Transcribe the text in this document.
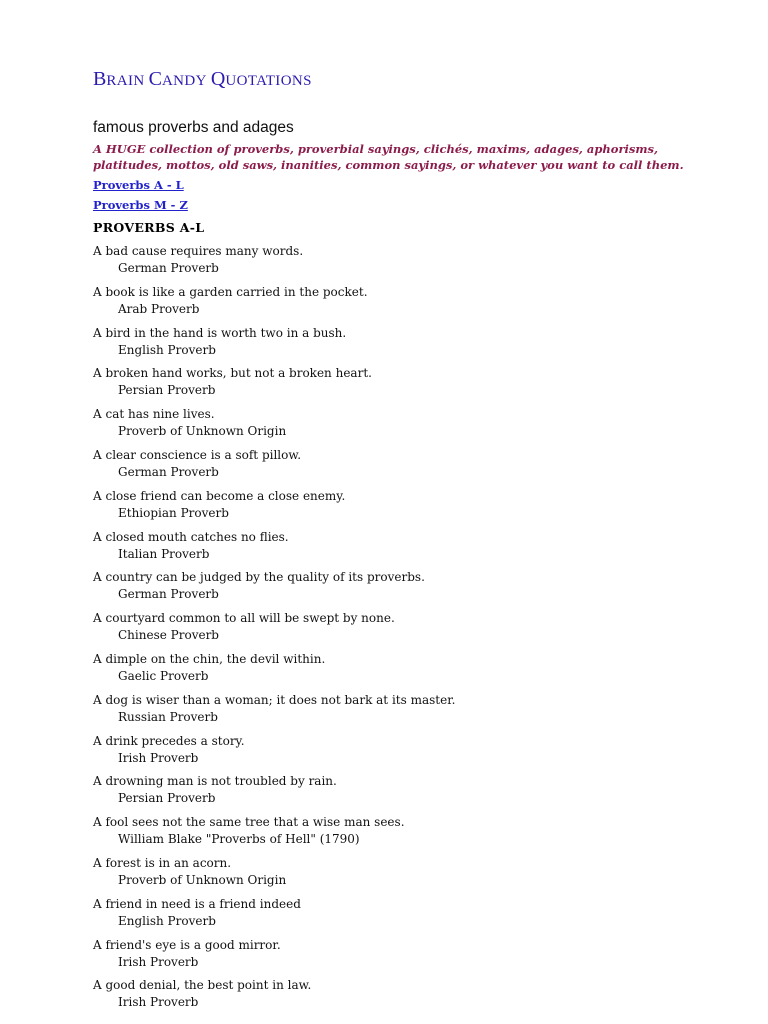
BRAIN CANDY QUOTATIONS
famous proverbs and adages
A HUGE collection of proverbs, proverbial sayings, clichés, maxims, adages, aphorisms, platitudes, mottos, old saws, inanities, common sayings, or whatever you want to call them.
Proverbs A - L
Proverbs M - Z
PROVERBS A-L
A bad cause requires many words.
German Proverb
A book is like a garden carried in the pocket.
Arab Proverb
A bird in the hand is worth two in a bush.
English Proverb
A broken hand works, but not a broken heart.
Persian Proverb
A cat has nine lives.
Proverb of Unknown Origin
A clear conscience is a soft pillow.
German Proverb
A close friend can become a close enemy.
Ethiopian Proverb
A closed mouth catches no flies.
Italian Proverb
A country can be judged by the quality of its proverbs.
German Proverb
A courtyard common to all will be swept by none.
Chinese Proverb
A dimple on the chin, the devil within.
Gaelic Proverb
A dog is wiser than a woman; it does not bark at its master.
Russian Proverb
A drink precedes a story.
Irish Proverb
A drowning man is not troubled by rain.
Persian Proverb
A fool sees not the same tree that a wise man sees.
William Blake "Proverbs of Hell" (1790)
A forest is in an acorn.
Proverb of Unknown Origin
A friend in need is a friend indeed
English Proverb
A friend's eye is a good mirror.
Irish Proverb
A good denial, the best point in law.
Irish Proverb
